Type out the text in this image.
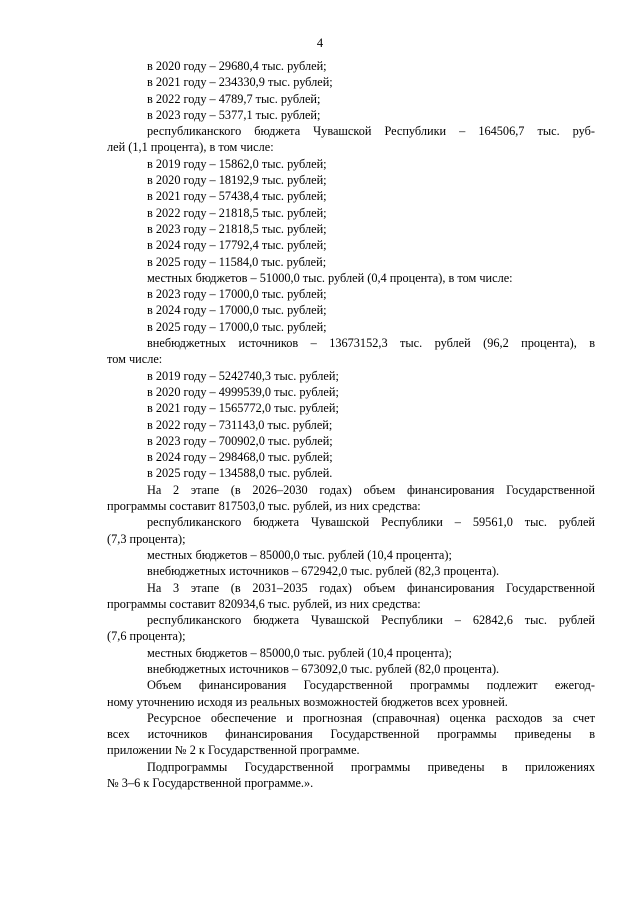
4
в 2020 году – 29680,4 тыс. рублей;
в 2021 году – 234330,9 тыс. рублей;
в 2022 году – 4789,7 тыс. рублей;
в 2023 году – 5377,1 тыс. рублей;
республиканского бюджета Чувашской Республики – 164506,7 тыс. руб-
лей (1,1 процента), в том числе:
в 2019 году – 15862,0 тыс. рублей;
в 2020 году – 18192,9 тыс. рублей;
в 2021 году – 57438,4 тыс. рублей;
в 2022 году – 21818,5 тыс. рублей;
в 2023 году – 21818,5 тыс. рублей;
в 2024 году – 17792,4 тыс. рублей;
в 2025 году – 11584,0 тыс. рублей;
местных бюджетов – 51000,0 тыс. рублей (0,4 процента), в том числе:
в 2023 году – 17000,0 тыс. рублей;
в 2024 году – 17000,0 тыс. рублей;
в 2025 году – 17000,0 тыс. рублей;
внебюджетных источников – 13673152,3 тыс. рублей (96,2 процента), в
том числе:
в 2019 году – 5242740,3 тыс. рублей;
в 2020 году – 4999539,0 тыс. рублей;
в 2021 году – 1565772,0 тыс. рублей;
в 2022 году – 731143,0 тыс. рублей;
в 2023 году – 700902,0 тыс. рублей;
в 2024 году – 298468,0 тыс. рублей;
в 2025 году – 134588,0 тыс. рублей.
На 2 этапе (в 2026–2030 годах) объем финансирования Государственной
программы составит 817503,0 тыс. рублей, из них средства:
республиканского бюджета Чувашской Республики – 59561,0 тыс. рублей
(7,3 процента);
местных бюджетов – 85000,0 тыс. рублей (10,4 процента);
внебюджетных источников – 672942,0 тыс. рублей (82,3 процента).
На 3 этапе (в 2031–2035 годах) объем финансирования Государственной
программы составит 820934,6 тыс. рублей, из них средства:
республиканского бюджета Чувашской Республики – 62842,6 тыс. рублей
(7,6 процента);
местных бюджетов – 85000,0 тыс. рублей (10,4 процента);
внебюджетных источников – 673092,0 тыс. рублей (82,0 процента).
Объем финансирования Государственной программы подлежит ежегод-
ному уточнению исходя из реальных возможностей бюджетов всех уровней.
Ресурсное обеспечение и прогнозная (справочная) оценка расходов за счет
всех источников финансирования Государственной программы приведены в
приложении № 2 к Государственной программе.
Подпрограммы Государственной программы приведены в приложениях
№ 3–6 к Государственной программе.».
